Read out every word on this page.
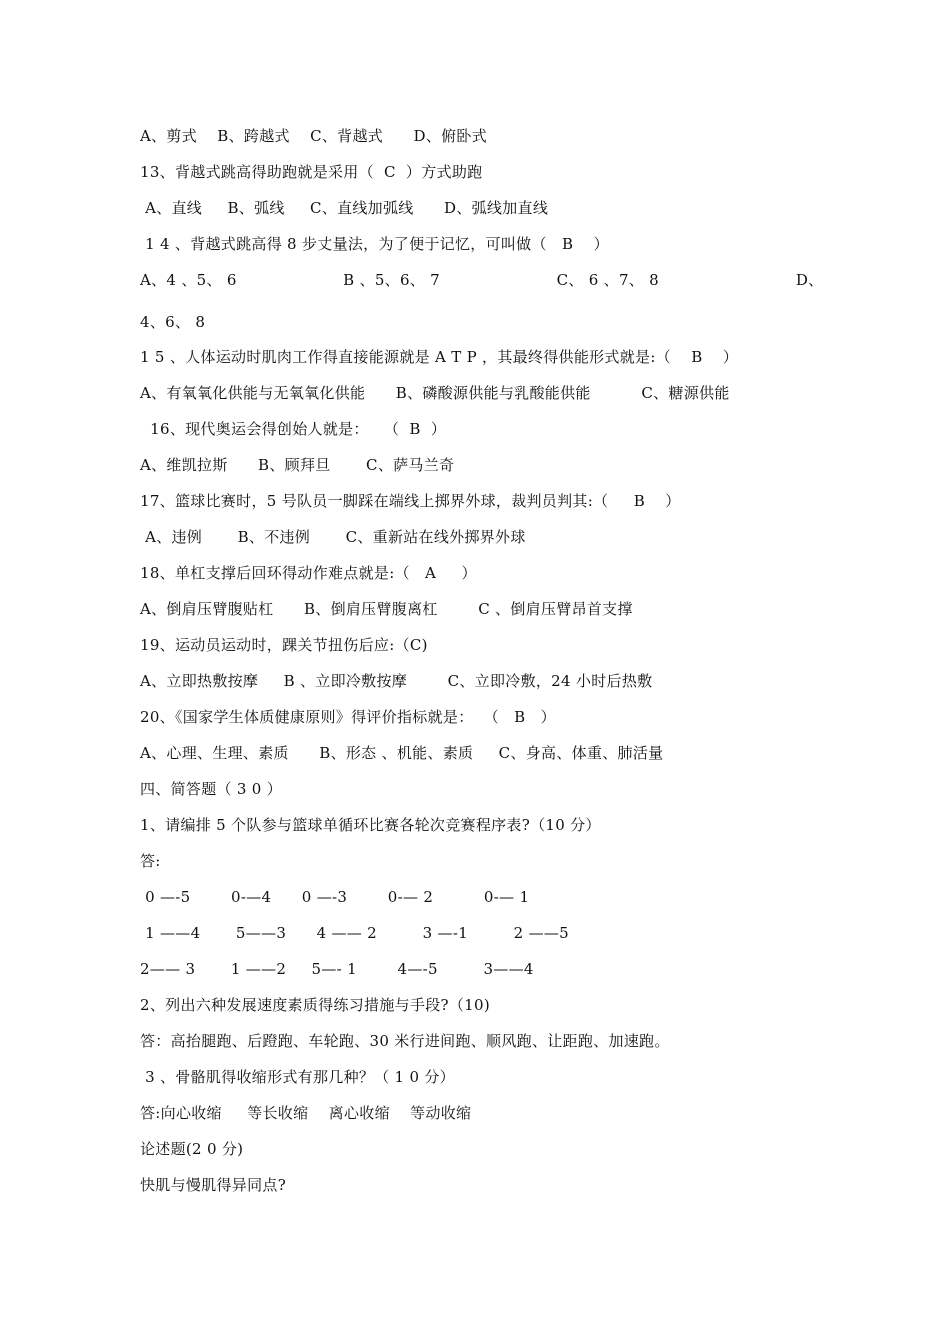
A、剪式    B、跨越式    C、背越式      D、俯卧式
13、背越式跳高得助跑就是采用（  C  ）方式助跑
A、直线     B、弧线     C、直线加弧线      D、弧线加直线
1 4 、背越式跳高得 8 步丈量法，为了便于记忆，可叫做（   B    ）
A、4 、5、 6                     B 、5、6、 7                       C、 6 、7、 8                           D、
4、6、 8
1 5 、人体运动时肌肉工作得直接能源就是 A T P ，其最终得供能形式就是:（    B    ）
A、有氧氧化供能与无氧氧化供能      B、磷酸源供能与乳酸能供能          C、糖源供能
16、现代奥运会得创始人就是：   （  B  ）
A、维凯拉斯      B、顾拜旦       C、萨马兰奇
17、篮球比赛时，5 号队员一脚踩在端线上掷界外球，裁判员判其:（     B    ）
A、违例       B、不违例       C、重新站在线外掷界外球
18、单杠支撑后回环得动作难点就是:（   A     ）
A、倒肩压臂腹贴杠      B、倒肩压臂腹离杠        C 、倒肩压臂昂首支撑
19、运动员运动时，踝关节扭伤后应:（C)
A、立即热敷按摩     B 、立即冷敷按摩        C、立即冷敷，24 小时后热敷
20、《国家学生体质健康原则》得评价指标就是：  （   B   ）
A、心理、生理、素质      B、形态 、机能、素质     C、身高、体重、肺活量
四、简答题（ 3 0 ）
1、请编排 5 个队参与篮球单循环比赛各轮次竞赛程序表?（10 分）
答:
0 —-5        0-—4      0 —-3        0-— 2          0-— 1
1 ——4       5——3      4 —— 2         3 —-1         2 ——5
2—— 3       1 ——2     5—- 1        4—-5         3——4
2、列出六种发展速度素质得练习措施与手段?（10)
答：高抬腿跑、后蹬跑、车轮跑、30 米行进间跑、顺风跑、让距跑、加速跑。
3 、骨骼肌得收缩形式有那几种？（ 1 0 分）
答:向心收缩     等长收缩    离心收缩    等动收缩
论述题(2 0 分)
快肌与慢肌得异同点?
